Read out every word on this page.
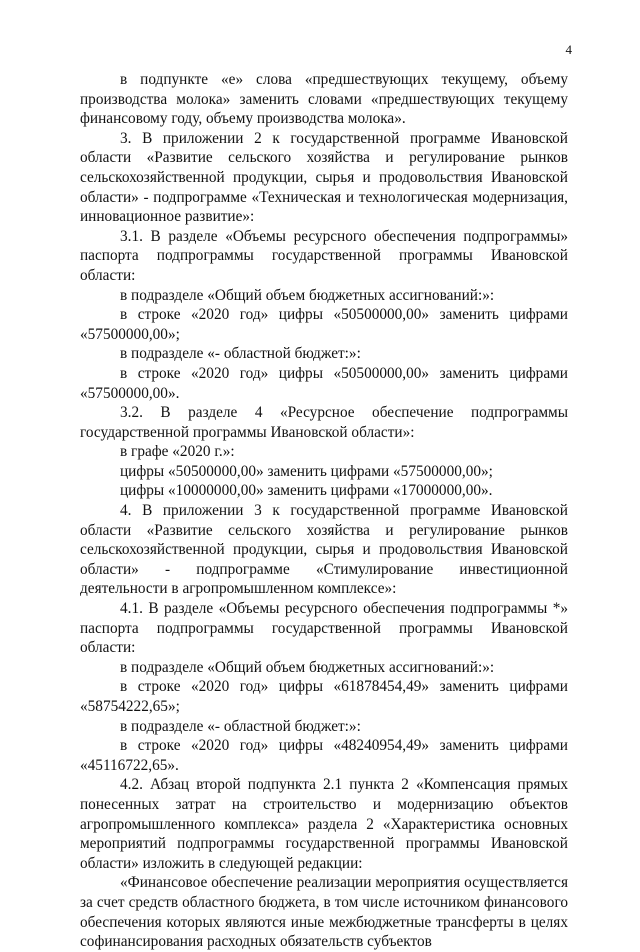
4

в подпункте «е» слова «предшествующих текущему, объему производства молока» заменить словами «предшествующих текущему финансовому году, объему производства молока».

3. В приложении 2 к государственной программе Ивановской области «Развитие сельского хозяйства и регулирование рынков сельскохозяйственной продукции, сырья и продовольствия Ивановской области» - подпрограмме «Техническая и технологическая модернизация, инновационное развитие»:

3.1. В разделе «Объемы ресурсного обеспечения подпрограммы» паспорта подпрограммы государственной программы Ивановской области:

в подразделе «Общий объем бюджетных ассигнований:»:

в строке «2020 год» цифры «50500000,00» заменить цифрами «57500000,00»;

в подразделе «- областной бюджет:»:

в строке «2020 год» цифры «50500000,00» заменить цифрами «57500000,00».

3.2. В разделе 4 «Ресурсное обеспечение подпрограммы государственной программы Ивановской области»:

в графе «2020 г.»:

цифры «50500000,00» заменить цифрами «57500000,00»;

цифры «10000000,00» заменить цифрами «17000000,00».

4. В приложении 3 к государственной программе Ивановской области «Развитие сельского хозяйства и регулирование рынков сельскохозяйственной продукции, сырья и продовольствия Ивановской области» - подпрограмме «Стимулирование инвестиционной деятельности в агропромышленном комплексе»:

4.1. В разделе «Объемы ресурсного обеспечения подпрограммы *» паспорта подпрограммы государственной программы Ивановской области:

в подразделе «Общий объем бюджетных ассигнований:»:

в строке «2020 год» цифры «61878454,49» заменить цифрами «58754222,65»;

в подразделе «- областной бюджет:»:

в строке «2020 год» цифры «48240954,49» заменить цифрами «45116722,65».

4.2. Абзац второй подпункта 2.1 пункта 2 «Компенсация прямых понесенных затрат на строительство и модернизацию объектов агропромышленного комплекса» раздела 2 «Характеристика основных мероприятий подпрограммы государственной программы Ивановской области» изложить в следующей редакции:

«Финансовое обеспечение реализации мероприятия осуществляется за счет средств областного бюджета, в том числе источником финансового обеспечения которых являются иные межбюджетные трансферты в целях софинансирования расходных обязательств субъектов
